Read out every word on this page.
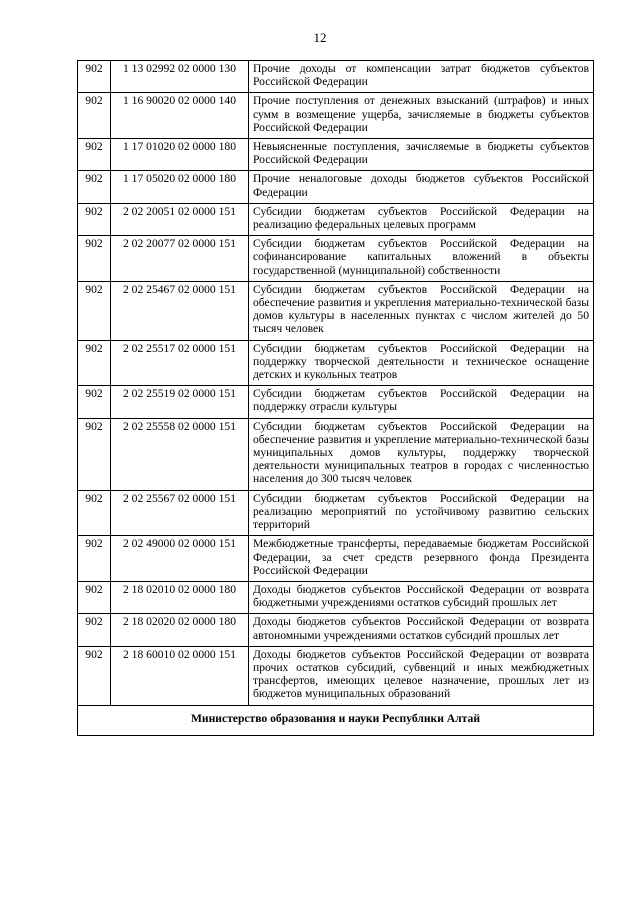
12
902	1 13 02992 02 0000 130	Прочие доходы от компенсации затрат бюджетов субъектов Российской Федерации
902	1 16 90020 02 0000 140	Прочие поступления от денежных взысканий (штрафов) и иных сумм в возмещение ущерба, зачисляемые в бюджеты субъектов Российской Федерации
902	1 17 01020 02 0000 180	Невыясненные поступления, зачисляемые в бюджеты субъектов Российской Федерации
902	1 17 05020 02 0000 180	Прочие неналоговые доходы бюджетов субъектов Российской Федерации
902	2 02 20051 02 0000 151	Субсидии бюджетам субъектов Российской Федерации на реализацию федеральных целевых программ
902	2 02 20077 02 0000 151	Субсидии бюджетам субъектов Российской Федерации на софинансирование капитальных вложений в объекты государственной (муниципальной) собственности
902	2 02 25467 02 0000 151	Субсидии бюджетам субъектов Российской Федерации на обеспечение развития и укрепления материально-технической базы домов культуры в населенных пунктах с числом жителей до 50 тысяч человек
902	2 02 25517 02 0000 151	Субсидии бюджетам субъектов Российской Федерации на поддержку творческой деятельности и техническое оснащение детских и кукольных театров
902	2 02 25519 02 0000 151	Субсидии бюджетам субъектов Российской Федерации на поддержку отрасли культуры
902	2 02 25558 02 0000 151	Субсидии бюджетам субъектов Российской Федерации на обеспечение развития и укрепление материально-технической базы муниципальных домов культуры, поддержку творческой деятельности муниципальных театров в городах с численностью населения до 300 тысяч человек
902	2 02 25567 02 0000 151	Субсидии бюджетам субъектов Российской Федерации на реализацию мероприятий по устойчивому развитию сельских территорий
902	2 02 49000 02 0000 151	Межбюджетные трансферты, передаваемые бюджетам Российской Федерации, за счет средств резервного фонда Президента Российской Федерации
902	2 18 02010 02 0000 180	Доходы бюджетов субъектов Российской Федерации от возврата бюджетными учреждениями остатков субсидий прошлых лет
902	2 18 02020 02 0000 180	Доходы бюджетов субъектов Российской Федерации от возврата автономными учреждениями остатков субсидий прошлых лет
902	2 18 60010 02 0000 151	Доходы бюджетов субъектов Российской Федерации от возврата прочих остатков субсидий, субвенций и иных межбюджетных трансфертов, имеющих целевое назначение, прошлых лет из бюджетов муниципальных образований
Министерство образования и науки Республики Алтай		
